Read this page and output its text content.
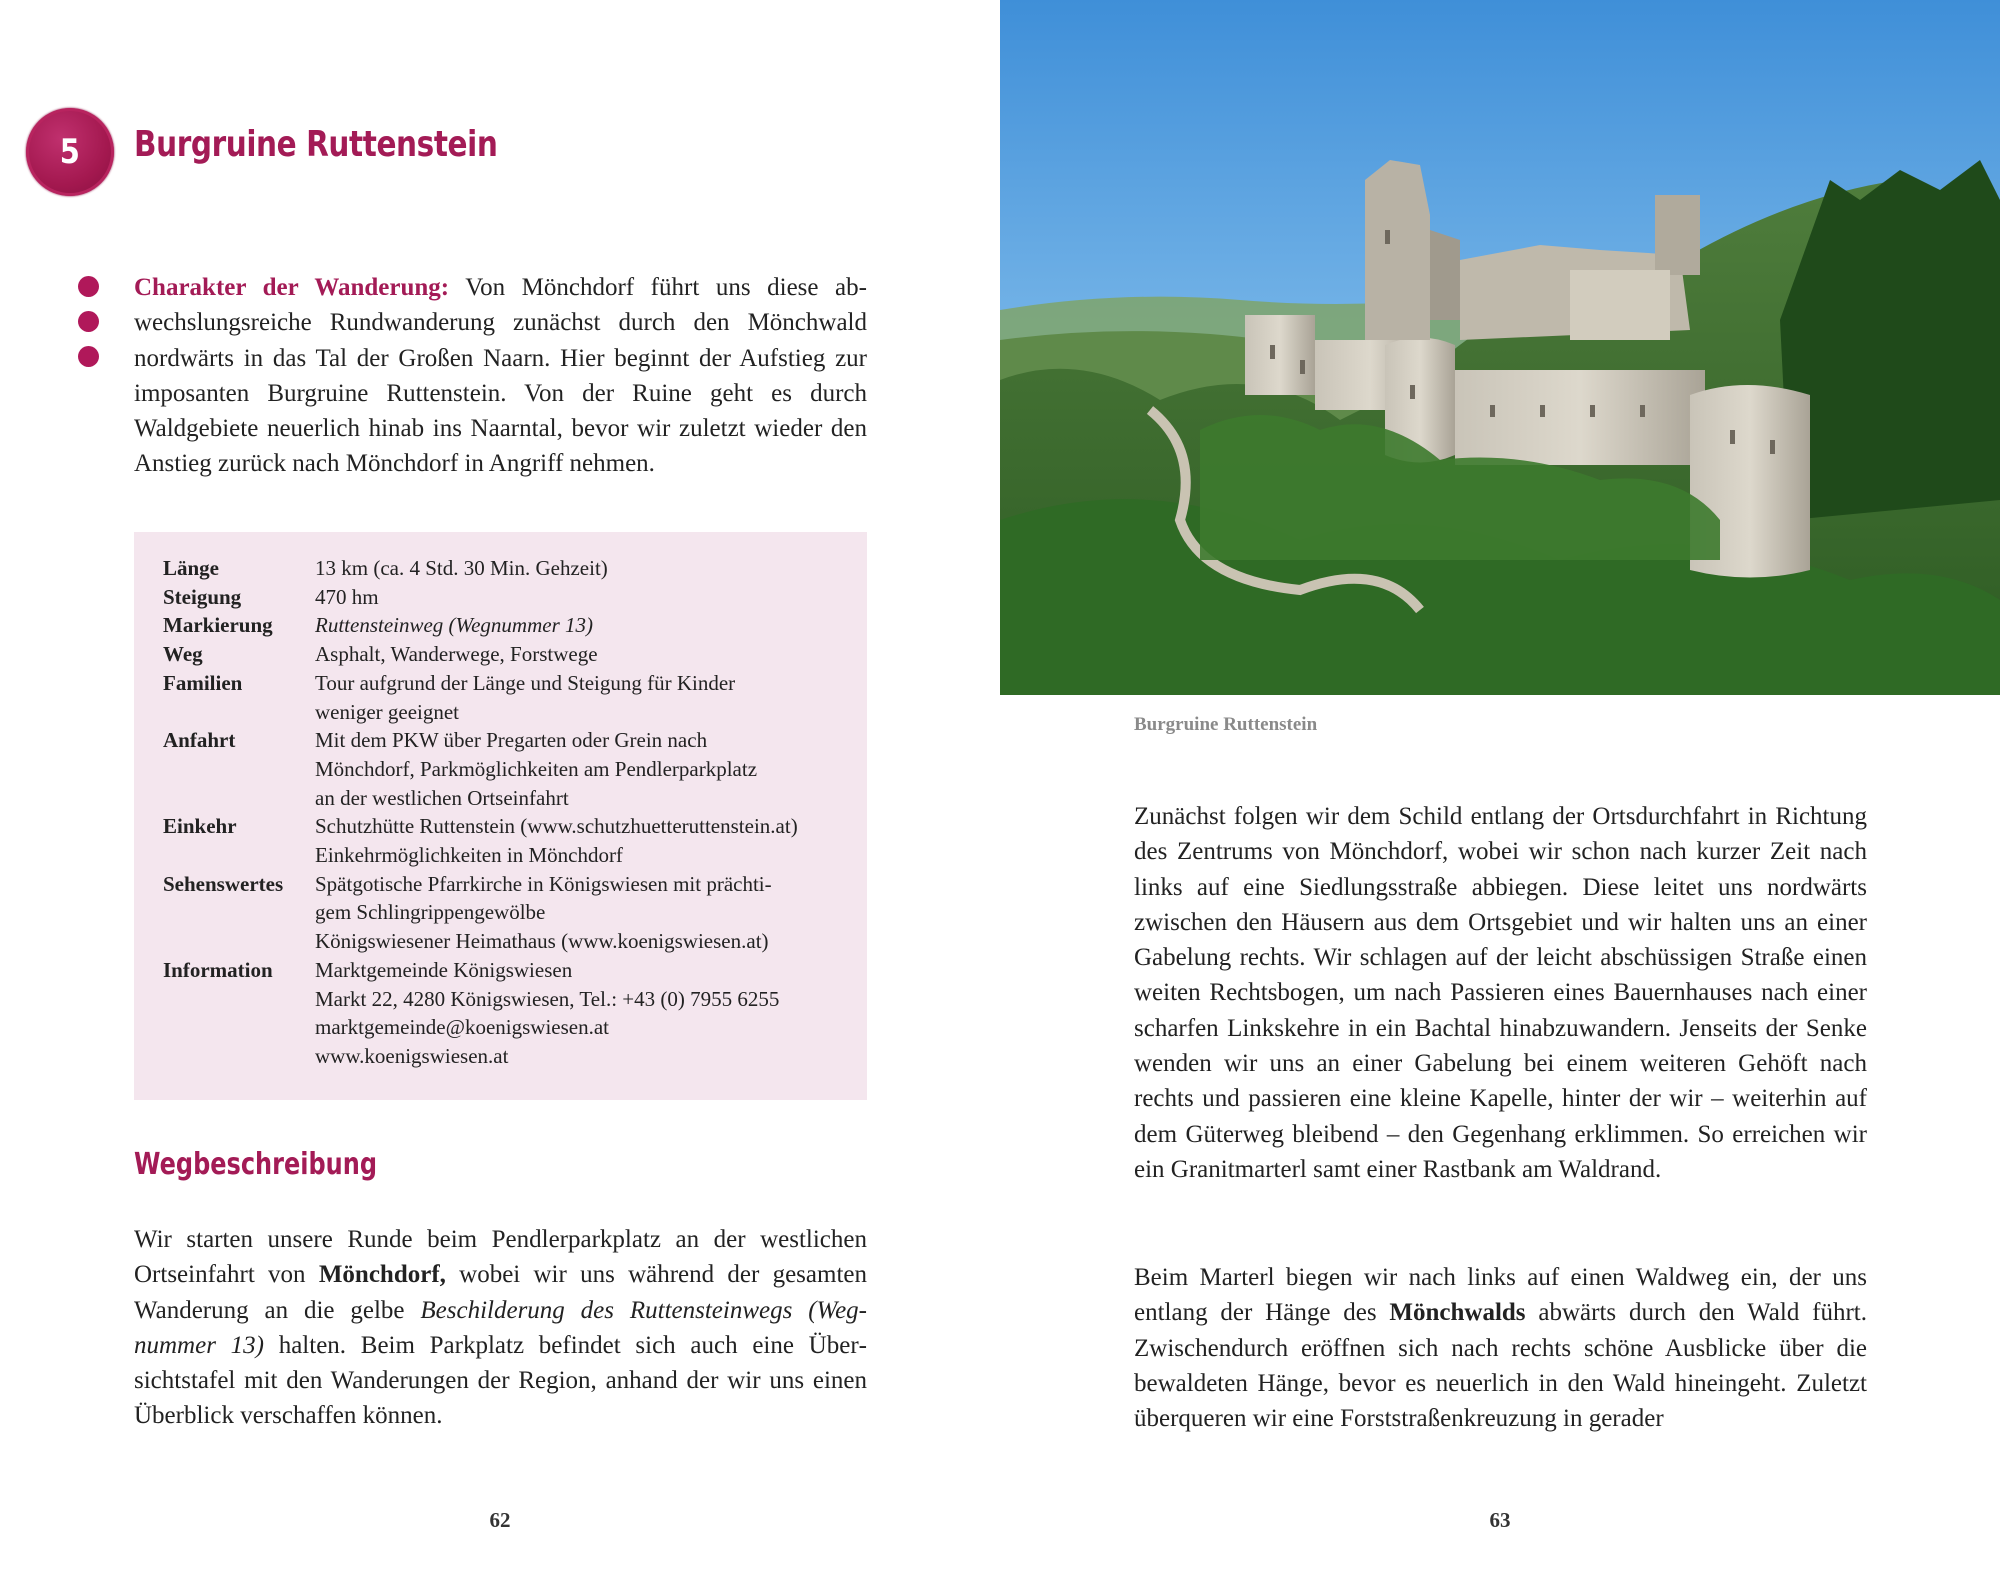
5 Burgruine Ruttenstein

Charakter der Wanderung: Von Mönchdorf führt uns diese abwechslungsreiche Rundwanderung zunächst durch den Mönchwald nordwärts in das Tal der Großen Naarn. Hier beginnt der Aufstieg zur imposanten Burgruine Ruttenstein. Von der Ruine geht es durch Waldgebiete neuerlich hinab ins Naarntal, bevor wir zuletzt wieder den Anstieg zurück nach Mönchdorf in Angriff nehmen.

Länge	13 km (ca. 4 Std. 30 Min. Gehzeit)

Steigung	470 hm

Markierung	Ruttensteinweg (Wegnummer 13)

Weg	Asphalt, Wanderwege, Forstwege

Familien	Tour aufgrund der Länge und Steigung für Kinder
weniger geeignet

Anfahrt	Mit dem PKW über Pregarten oder Grein nach
Mönchdorf, Parkmöglichkeiten am Pendlerparkplatz
an der westlichen Ortseinfahrt

Einkehr	Schutzhütte Ruttenstein (www.schutzhuetteruttenstein.at)
Einkehrmöglichkeiten in Mönchdorf

Sehenswertes	Spätgotische Pfarrkirche in Königswiesen mit prächti-
gem Schlingrippengewölbe
Königswiesener Heimathaus (www.koenigswiesen.at)

Information	Marktgemeinde Königswiesen
Markt 22, 4280 Königswiesen, Tel.: +43 (0) 7955 6255
marktgemeinde@koenigswiesen.at
www.koenigswiesen.at
Wegbeschreibung

Wir starten unsere Runde beim Pendlerparkplatz an der westlichen Ortseinfahrt von Mönchdorf, wobei wir uns während der gesamten Wanderung an die gelbe Beschilderung des Ruttensteinwegs (Wegnummer 13) halten. Beim Parkplatz befindet sich auch eine Übersichtstafel mit den Wanderungen der Region, anhand der wir uns einen Überblick verschaffen können.

62

Burgruine Ruttenstein

Zunächst folgen wir dem Schild entlang der Ortsdurchfahrt in Richtung des Zentrums von Mönchdorf, wobei wir schon nach kurzer Zeit nach links auf eine Siedlungsstraße abbiegen. Diese leitet uns nordwärts zwischen den Häusern aus dem Ortsgebiet und wir halten uns an einer Gabelung rechts. Wir schlagen auf der leicht abschüssigen Straße einen weiten Rechtsbogen, um nach Passieren eines Bauernhauses nach einer scharfen Linkskehre in ein Bachtal hinabzuwandern. Jenseits der Senke wenden wir uns an einer Gabelung bei einem weiteren Gehöft nach rechts und passieren eine kleine Kapelle, hinter der wir – weiterhin auf dem Güterweg bleibend – den Gegenhang erklimmen. So erreichen wir ein Granitmarterl samt einer Rastbank am Waldrand.

Beim Marterl biegen wir nach links auf einen Waldweg ein, der uns entlang der Hänge des Mönchwalds abwärts durch den Wald führt. Zwischendurch eröffnen sich nach rechts schöne Ausblicke über die bewaldeten Hänge, bevor es neuerlich in den Wald hineingeht. Zuletzt überqueren wir eine Forststraßenkreuzung in gerader

63
